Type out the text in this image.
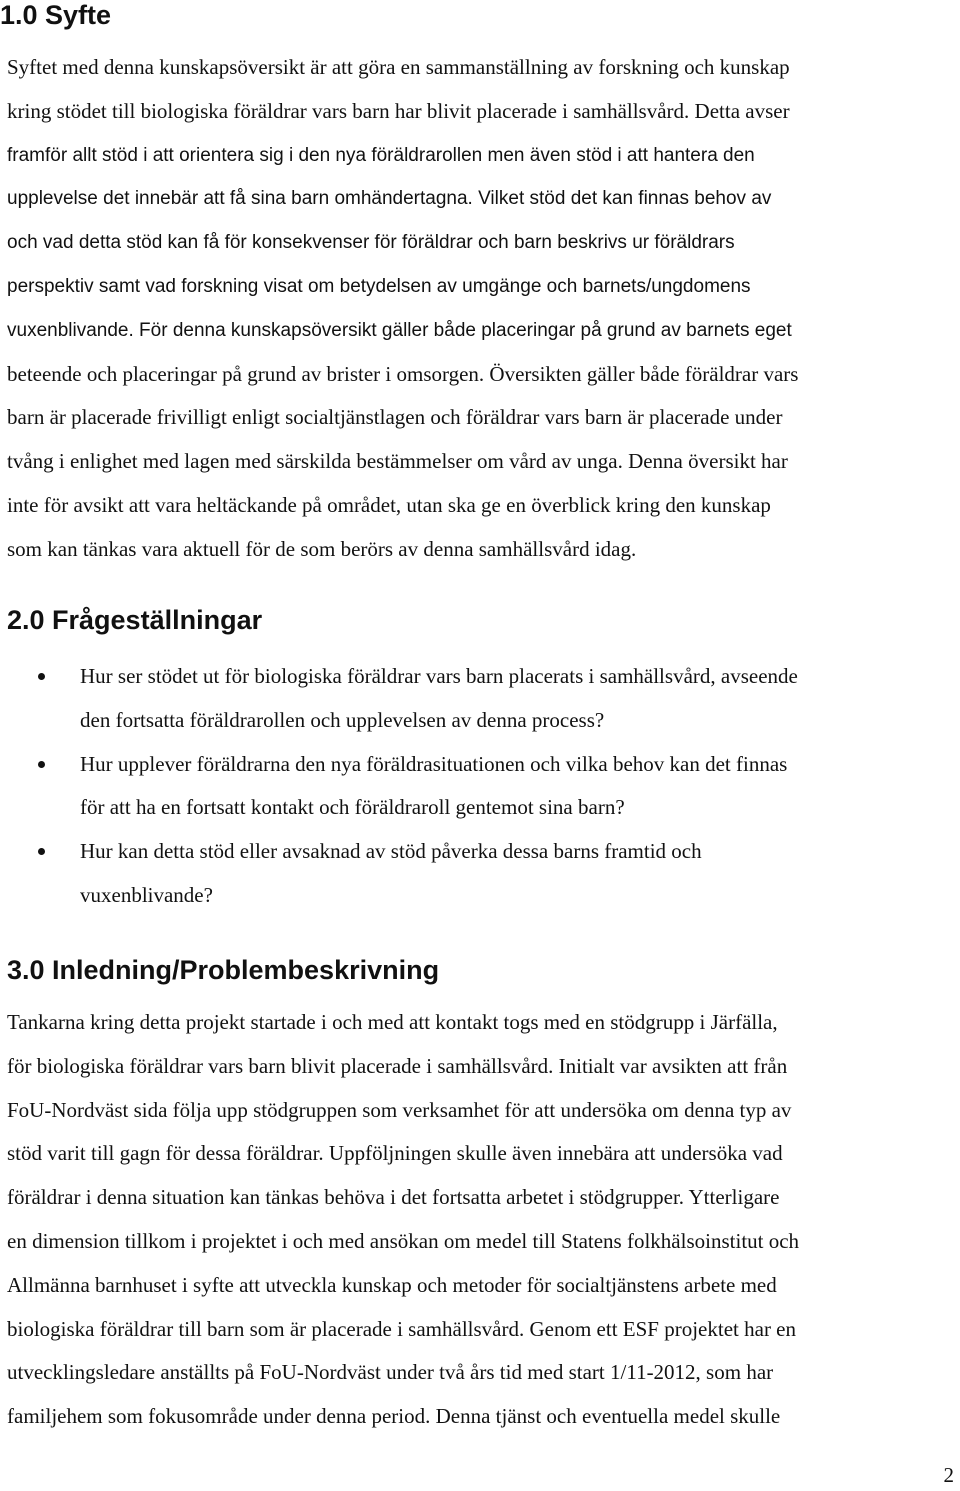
1.0 Syfte

Syftet med denna kunskapsöversikt är att göra en sammanställning av forskning och kunskap
kring stödet till biologiska föräldrar vars barn har blivit placerade i samhällsvård. Detta avser
framför allt stöd i att orientera sig i den nya föräldrarollen men även stöd i att hantera den
upplevelse det innebär att få sina barn omhändertagna. Vilket stöd det kan finnas behov av
och vad detta stöd kan få för konsekvenser för föräldrar och barn beskrivs ur föräldrars
perspektiv samt vad forskning visat om betydelsen av umgänge och barnets/ungdomens
vuxenblivande. För denna kunskapsöversikt gäller både placeringar på grund av barnets eget
beteende och placeringar på grund av brister i omsorgen. Översikten gäller både föräldrar vars
barn är placerade frivilligt enligt socialtjänstlagen och föräldrar vars barn är placerade under
tvång i enlighet med lagen med särskilda bestämmelser om vård av unga. Denna översikt har
inte för avsikt att vara heltäckande på området, utan ska ge en överblick kring den kunskap
som kan tänkas vara aktuell för de som berörs av denna samhällsvård idag.

2.0 Frågeställningar
Hur ser stödet ut för biologiska föräldrar vars barn placerats i samhällsvård, avseende
den fortsatta föräldrarollen och upplevelsen av denna process?
Hur upplever föräldrarna den nya föräldrasituationen och vilka behov kan det finnas
för att ha en fortsatt kontakt och föräldraroll gentemot sina barn?
Hur kan detta stöd eller avsaknad av stöd påverka dessa barns framtid och
vuxenblivande?
3.0 Inledning/Problembeskrivning

Tankarna kring detta projekt startade i och med att kontakt togs med en stödgrupp i Järfälla,
för biologiska föräldrar vars barn blivit placerade i samhällsvård. Initialt var avsikten att från
FoU-Nordväst sida följa upp stödgruppen som verksamhet för att undersöka om denna typ av
stöd varit till gagn för dessa föräldrar. Uppföljningen skulle även innebära att undersöka vad
föräldrar i denna situation kan tänkas behöva i det fortsatta arbetet i stödgrupper. Ytterligare
en dimension tillkom i projektet i och med ansökan om medel till Statens folkhälsoinstitut och
Allmänna barnhuset i syfte att utveckla kunskap och metoder för socialtjänstens arbete med
biologiska föräldrar till barn som är placerade i samhällsvård. Genom ett ESF projektet har en
utvecklingsledare anställts på FoU-Nordväst under två års tid med start 1/11-2012, som har
familjehem som fokusområde under denna period. Denna tjänst och eventuella medel skulle

2
